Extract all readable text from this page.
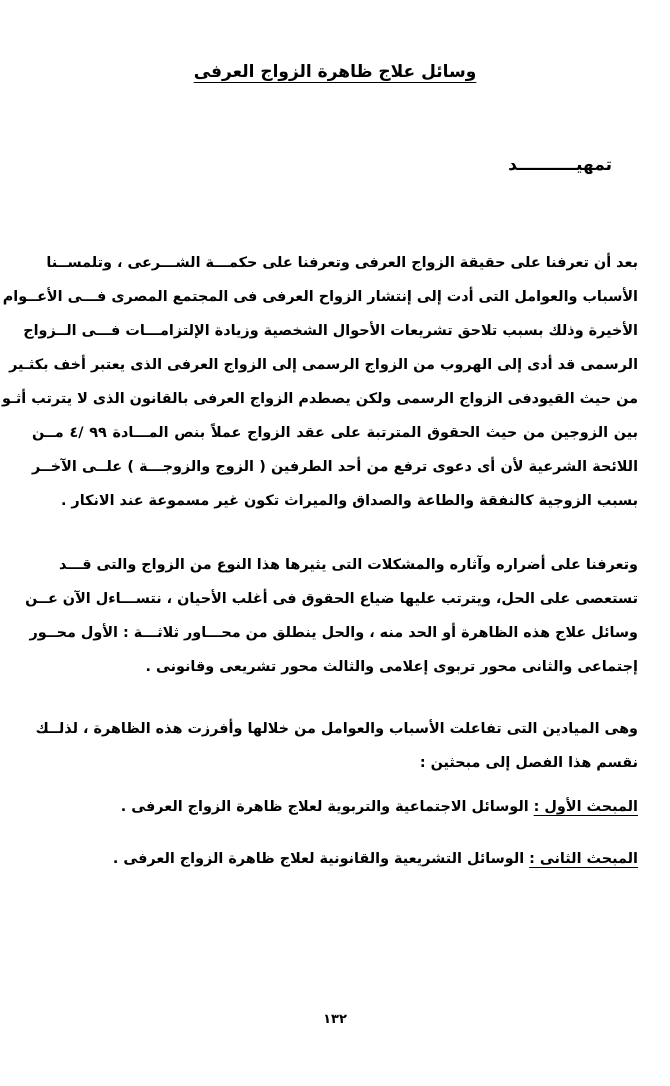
وسائل علاج ظاهرة الزواج العرفى
تمهيــــــــــد
بعد أن تعرفنا على حقيقة الزواج العرفى وتعرفنا على حكمـــة الشـــرعى ، وتلمســنا
الأسباب والعوامل التى أدت إلى إنتشار الزواح العرفى فى المجتمع المصرى فـــى الأعــوام
الأخيرة وذلك بسبب تلاحق تشريعات الأحوال الشخصية وزيادة الإلتزامـــات فـــى الــزواج
الرسمى قد أدى إلى الهروب من الزواج الرسمى إلى الزواج العرفى الذى يعتبر أخف بكثـير
من حيث القيودفى الزواج الرسمى ولكن يصطدم الزواج العرفى بالقانون الذى لا يترتب أثـو
بين الزوجين من حيث الحقوق المترتبة على عقد الزواج عملاً بنص المـــادة ٩٩ /٤ مــن
اللائحة الشرعية لأن أى دعوى ترفع من أحد الطرفين ( الزوج والزوجـــة ) علــى الآخــر
بسبب الزوجية كالنفقة والطاعة والصداق والميراث تكون غير مسموعة عند الانكار .
وتعرفنا على أضراره وآثاره والمشكلات التى يثيرها هذا النوع من الزواج والتى قـــد
تستعصى على الحل، ويترتب عليها ضياع الحقوق فى أغلب الأحيان ، نتســـاءل الآن عــن
وسائل علاج هذه الظاهرة أو الحد منه ، والحل ينطلق من محـــاور ثلاثـــة : الأول محــور
إجتماعى والثانى محور تربوى إعلامى والثالث محور تشريعى وقانونى .
وهى الميادين التى تفاعلت الأسباب والعوامل من خلالها وأفرزت هذه الظاهرة ، لذلــك
نقسم هذا الفصل إلى مبحثين :
المبحث الأول : الوسائل الاجتماعية والتربوية لعلاج ظاهرة الزواج العرفى .
المبحث الثانى : الوسائل التشريعية والقانونية لعلاج ظاهرة الزواج العرفى .
١٣٢
